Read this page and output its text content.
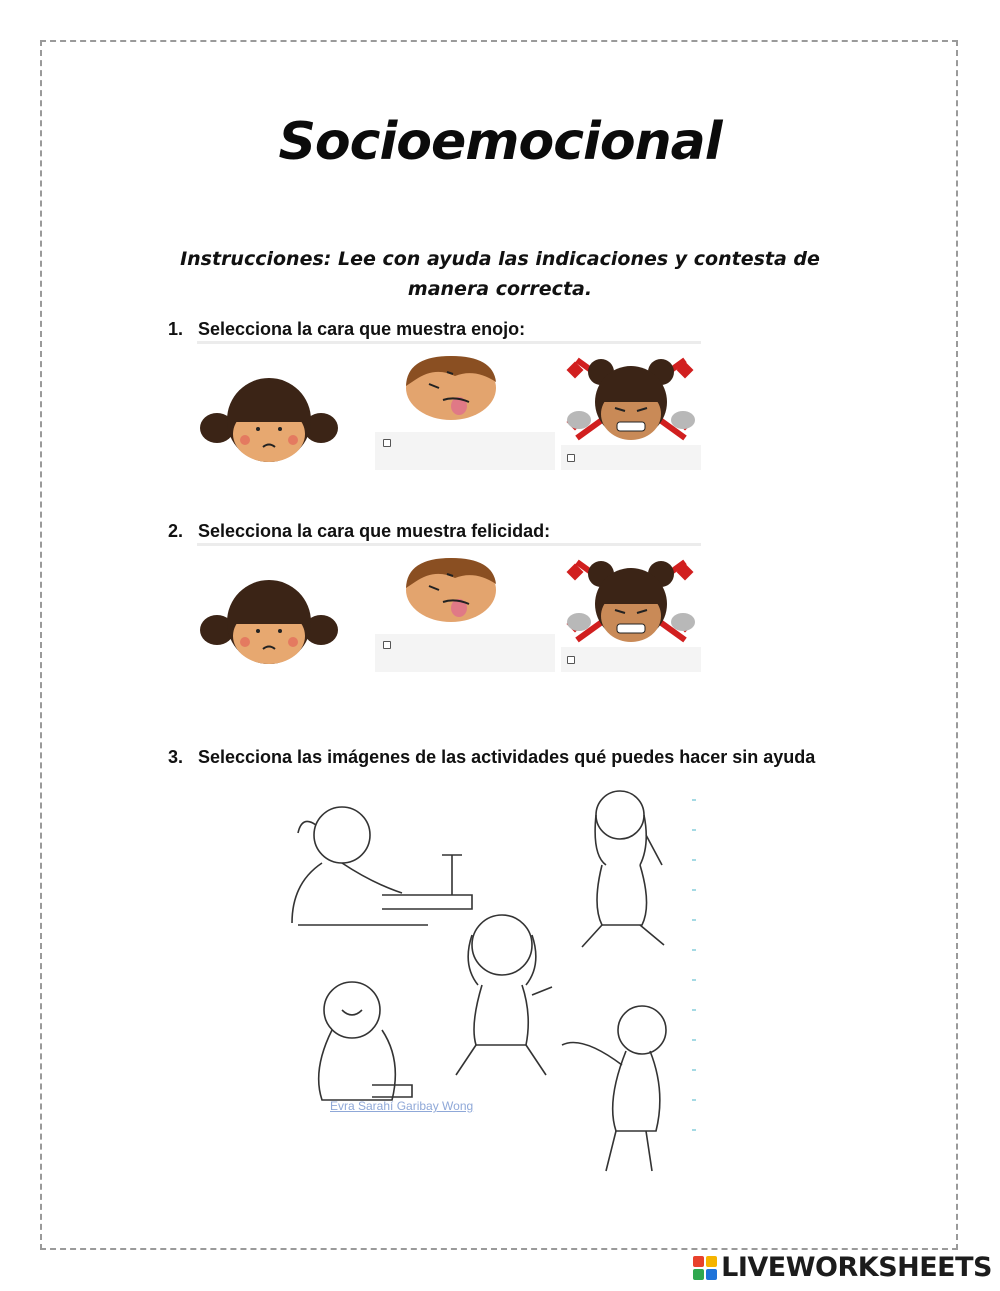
Socioemocional
Instrucciones: Lee con ayuda las indicaciones y contesta de manera correcta.
1. Selecciona la cara que muestra enojo:
2. Selecciona la cara que muestra felicidad:
3. Selecciona las imágenes de las actividades qué puedes hacer sin ayuda
Evra Sarahí Garibay Wong
LIVEWORKSHEETS
